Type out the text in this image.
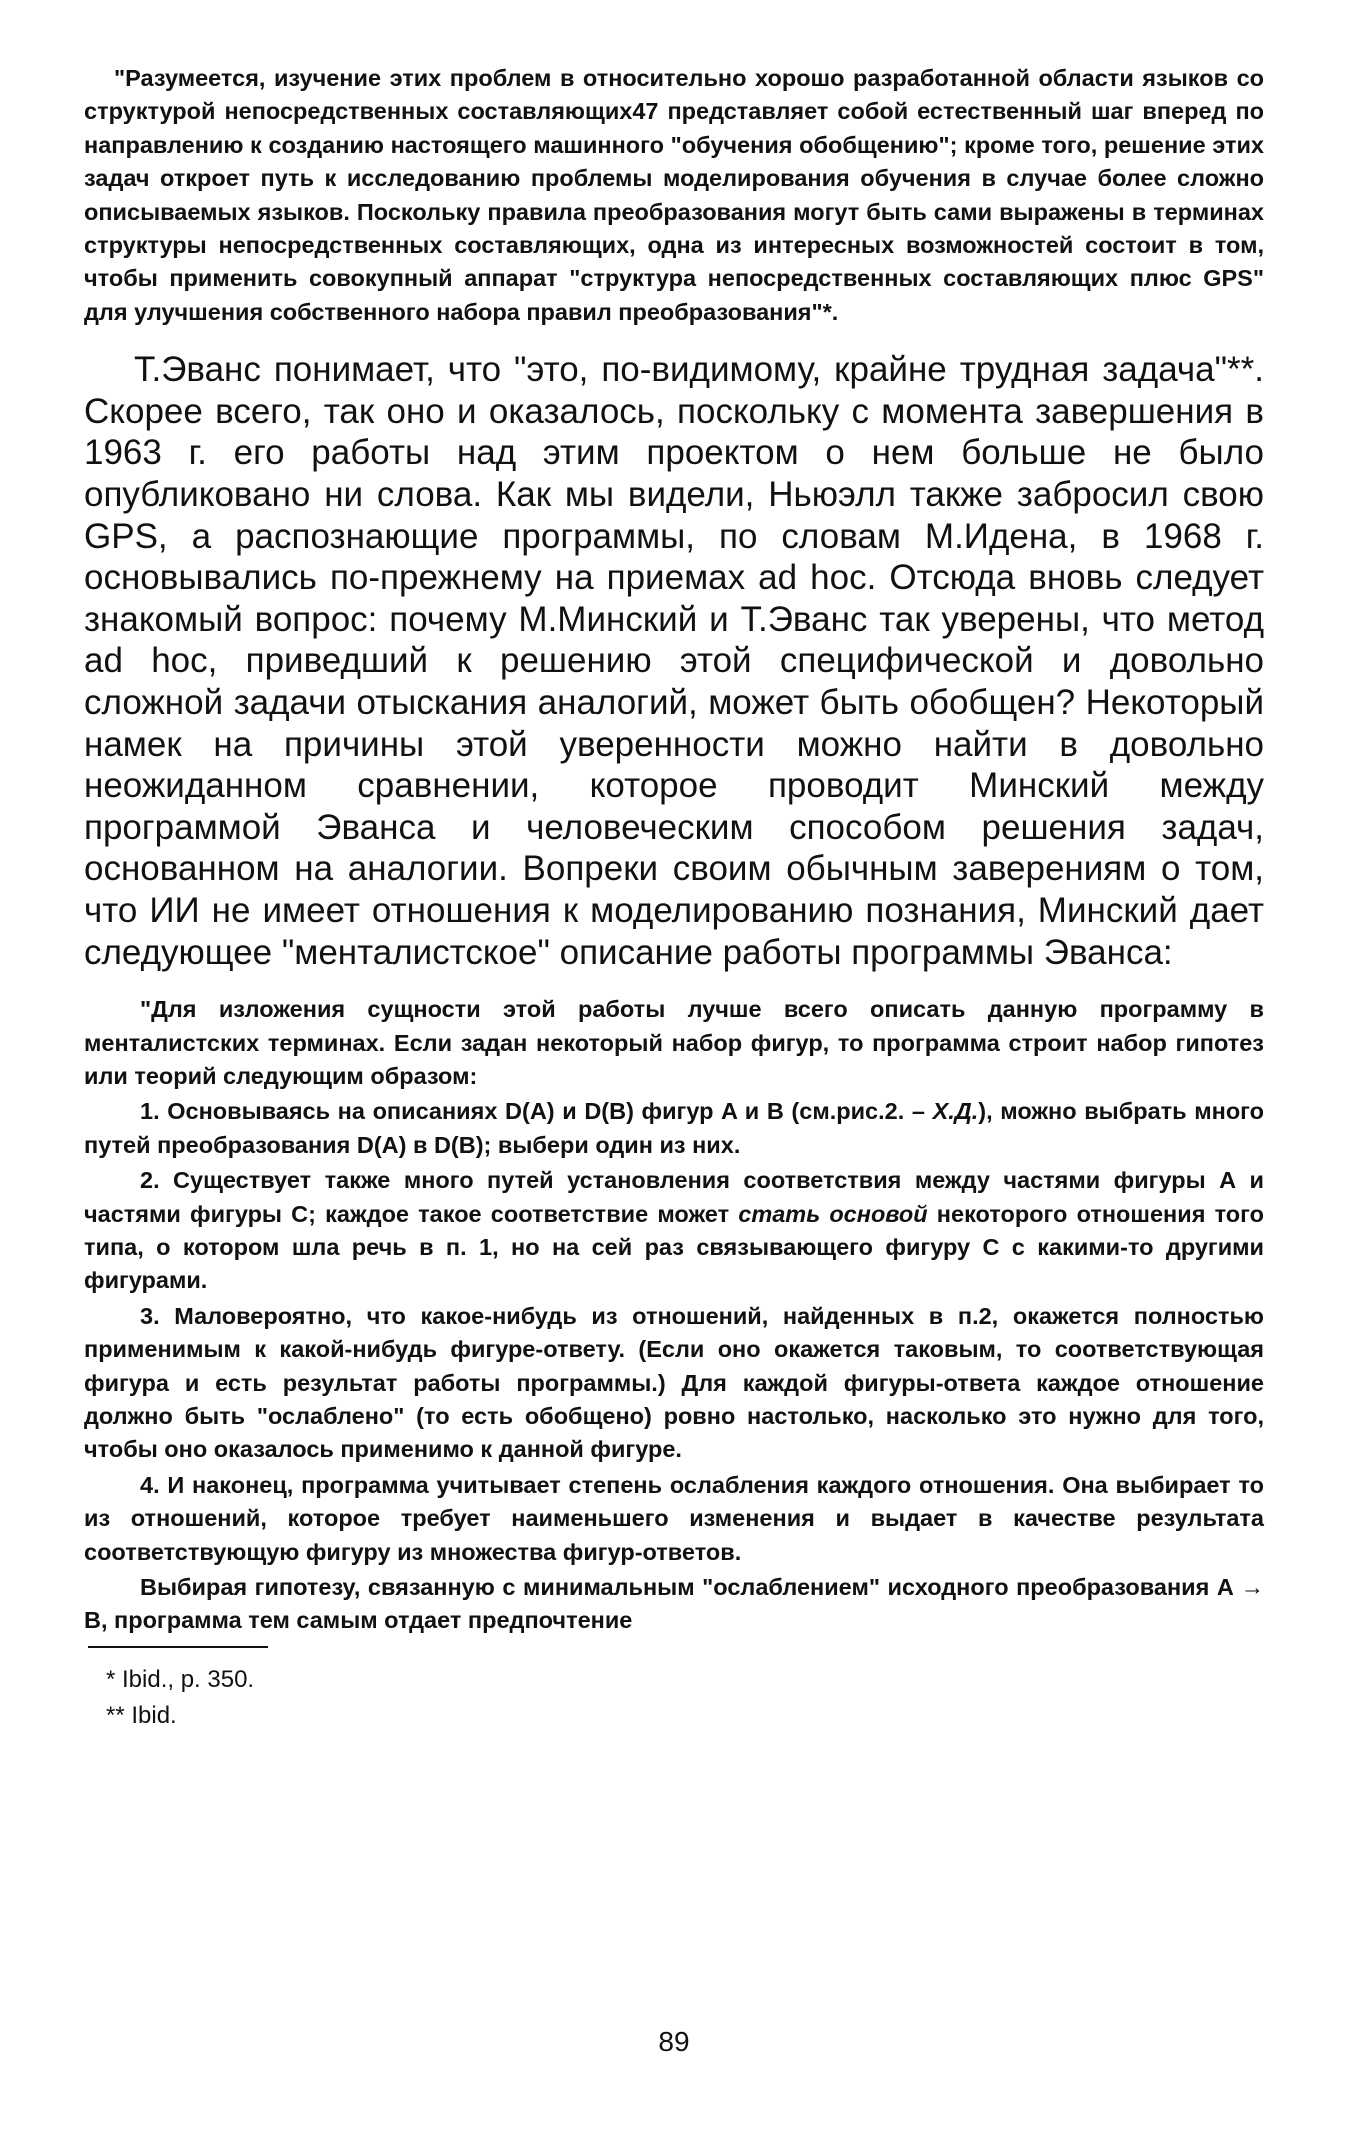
"Разумеется, изучение этих проблем в относительно хорошо разработанной области языков со структурой непосредственных составляющих47 представляет собой естественный шаг вперед по направлению к созданию настоящего машинного "обучения обобщению"; кроме того, решение этих задач откроет путь к исследованию проблемы моделирования обучения в случае более сложно описываемых языков. Поскольку правила преобразования могут быть сами выражены в терминах структуры непосредственных составляющих, одна из интересных возможностей состоит в том, чтобы применить совокупный аппарат "структура непосредственных составляющих плюс GPS" для улучшения собственного набора правил преобразования"*.

Т.Эванс понимает, что "это, по-видимому, крайне трудная задача"**. Скорее всего, так оно и оказалось, поскольку с момента завершения в 1963 г. его работы над этим проектом о нем больше не было опубликовано ни слова. Как мы видели, Ньюэлл также забросил свою GPS, а распознающие программы, по словам М.Идена, в 1968 г. основывались по-прежнему на приемах ad hoc. Отсюда вновь следует знакомый вопрос: почему М.Минский и Т.Эванс так уверены, что метод ad hoc, приведший к решению этой специфической и довольно сложной задачи отыскания аналогий, может быть обобщен? Некоторый намек на причины этой уверенности можно найти в довольно неожиданном сравнении, которое проводит Минский между программой Эванса и человеческим способом решения задач, основанном на аналогии. Вопреки своим обычным заверениям о том, что ИИ не имеет отношения к моделированию познания, Минский дает следующее "менталистское" описание работы программы Эванса:

"Для изложения сущности этой работы лучше всего описать данную программу в менталистских терминах. Если задан некоторый набор фигур, то программа строит набор гипотез или теорий следующим образом:

1. Основываясь на описаниях D(A) и D(B) фигур A и B (см.рис.2. – Х.Д.), можно выбрать много путей преобразования D(A) в D(B); выбери один из них.

2. Существует также много путей установления соответствия между частями фигуры А и частями фигуры С; каждое такое соответствие может стать основой некоторого отношения того типа, о котором шла речь в п. 1, но на сей раз связывающего фигуру С с какими-то другими фигурами.

3. Маловероятно, что какое-нибудь из отношений, найденных в п.2, окажется полностью применимым к какой-нибудь фигуре-ответу. (Если оно окажется таковым, то соответствующая фигура и есть результат работы программы.) Для каждой фигуры-ответа каждое отношение должно быть "ослаблено" (то есть обобщено) ровно настолько, насколько это нужно для того, чтобы оно оказалось применимо к данной фигуре.

4. И наконец, программа учитывает степень ослабления каждого отношения. Она выбирает то из отношений, которое требует наименьшего изменения и выдает в качестве результата соответствующую фигуру из множества фигур-ответов.

Выбирая гипотезу, связанную с минимальным "ослаблением" исходного преобразования A → B, программа тем самым отдает предпочтение

* Ibid., p. 350.

** Ibid.

89
